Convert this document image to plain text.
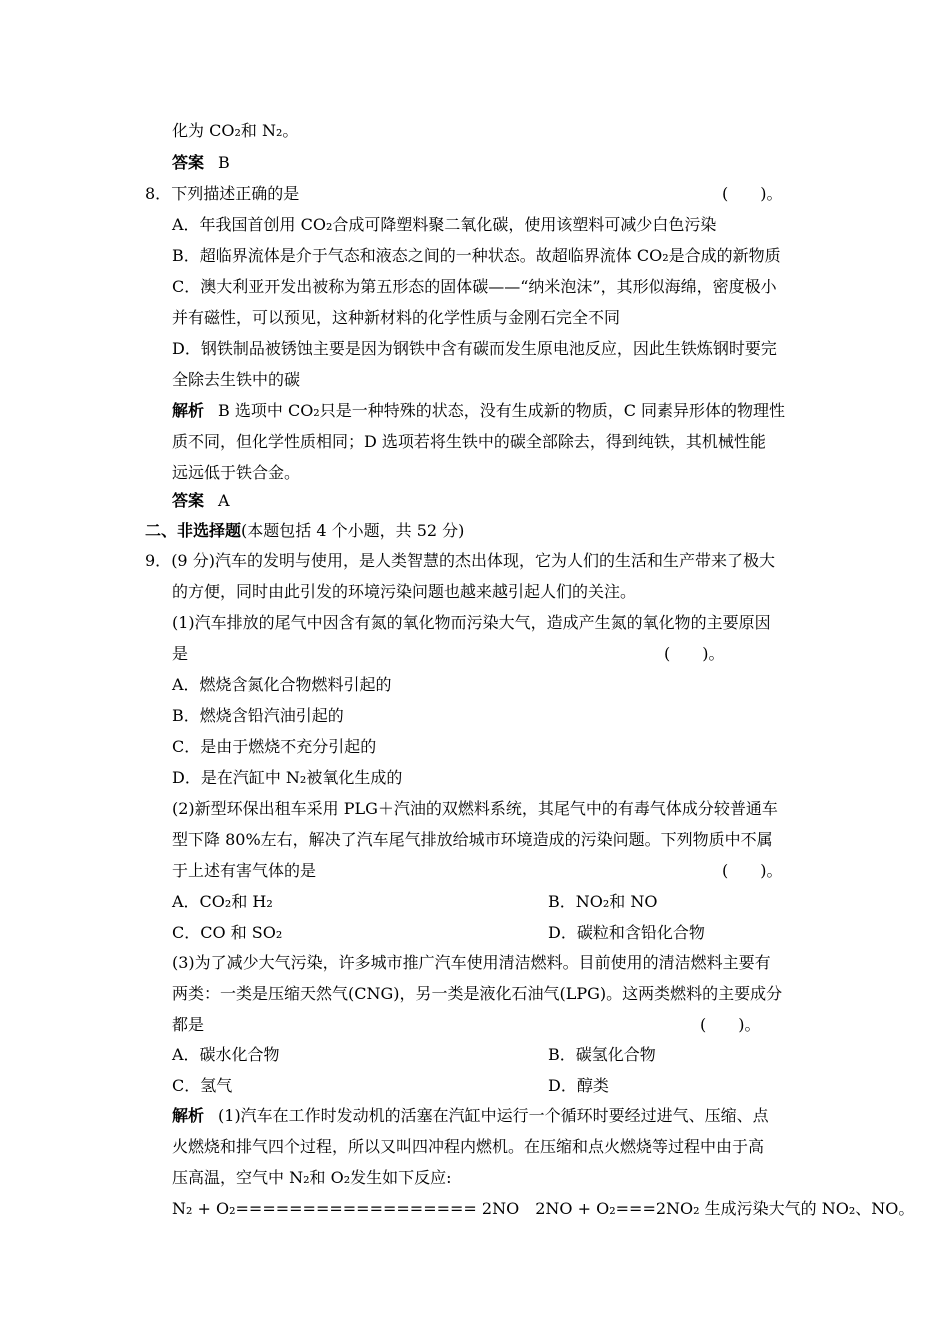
化为 CO₂和 N₂。
答案 B
8．下列描述正确的是	(　　)。
A．年我国首创用 CO₂合成可降塑料聚二氧化碳，使用该塑料可减少白色污染
B．超临界流体是介于气态和液态之间的一种状态。故超临界流体 CO₂是合成的新物质
C．澳大利亚开发出被称为第五形态的固体碳——“纳米泡沫”，其形似海绵，密度极小
并有磁性，可以预见，这种新材料的化学性质与金刚石完全不同
D．钢铁制品被锈蚀主要是因为钢铁中含有碳而发生原电池反应，因此生铁炼钢时要完
全除去生铁中的碳
解析 B 选项中 CO₂只是一种特殊的状态，没有生成新的物质，C 同素异形体的物理性
质不同，但化学性质相同；D 选项若将生铁中的碳全部除去，得到纯铁，其机械性能
远远低于铁合金。
答案 A
二、非选择题(本题包括 4 个小题，共 52 分)
9．(9 分)汽车的发明与使用，是人类智慧的杰出体现，它为人们的生活和生产带来了极大
的方便，同时由此引发的环境污染问题也越来越引起人们的关注。
(1)汽车排放的尾气中因含有氮的氧化物而污染大气，造成产生氮的氧化物的主要原因
是	(　　)。
A．燃烧含氮化合物燃料引起的
B．燃烧含铅汽油引起的
C．是由于燃烧不充分引起的
D．是在汽缸中 N₂被氧化生成的
(2)新型环保出租车采用 PLG＋汽油的双燃料系统，其尾气中的有毒气体成分较普通车
型下降 80%左右，解决了汽车尾气排放给城市环境造成的污染问题。下列物质中不属
于上述有害气体的是	(　　)。
A．CO₂和 H₂	B．NO₂和 NO
C．CO 和 SO₂	D．碳粒和含铅化合物
(3)为了减少大气污染，许多城市推广汽车使用清洁燃料。目前使用的清洁燃料主要有
两类：一类是压缩天然气(CNG)，另一类是液化石油气(LPG)。这两类燃料的主要成分
都是	(　　)。
A．碳水化合物	B．碳氢化合物
C．氢气	D．醇类
解析 (1)汽车在工作时发动机的活塞在汽缸中运行一个循环时要经过进气、压缩、点
火燃烧和排气四个过程，所以又叫四冲程内燃机。在压缩和点火燃烧等过程中由于高
压高温，空气中 N₂和 O₂发生如下反应:
N₂ + O₂================== 2NO　2NO + O₂===2NO₂ 生成污染大气的 NO₂、NO。
